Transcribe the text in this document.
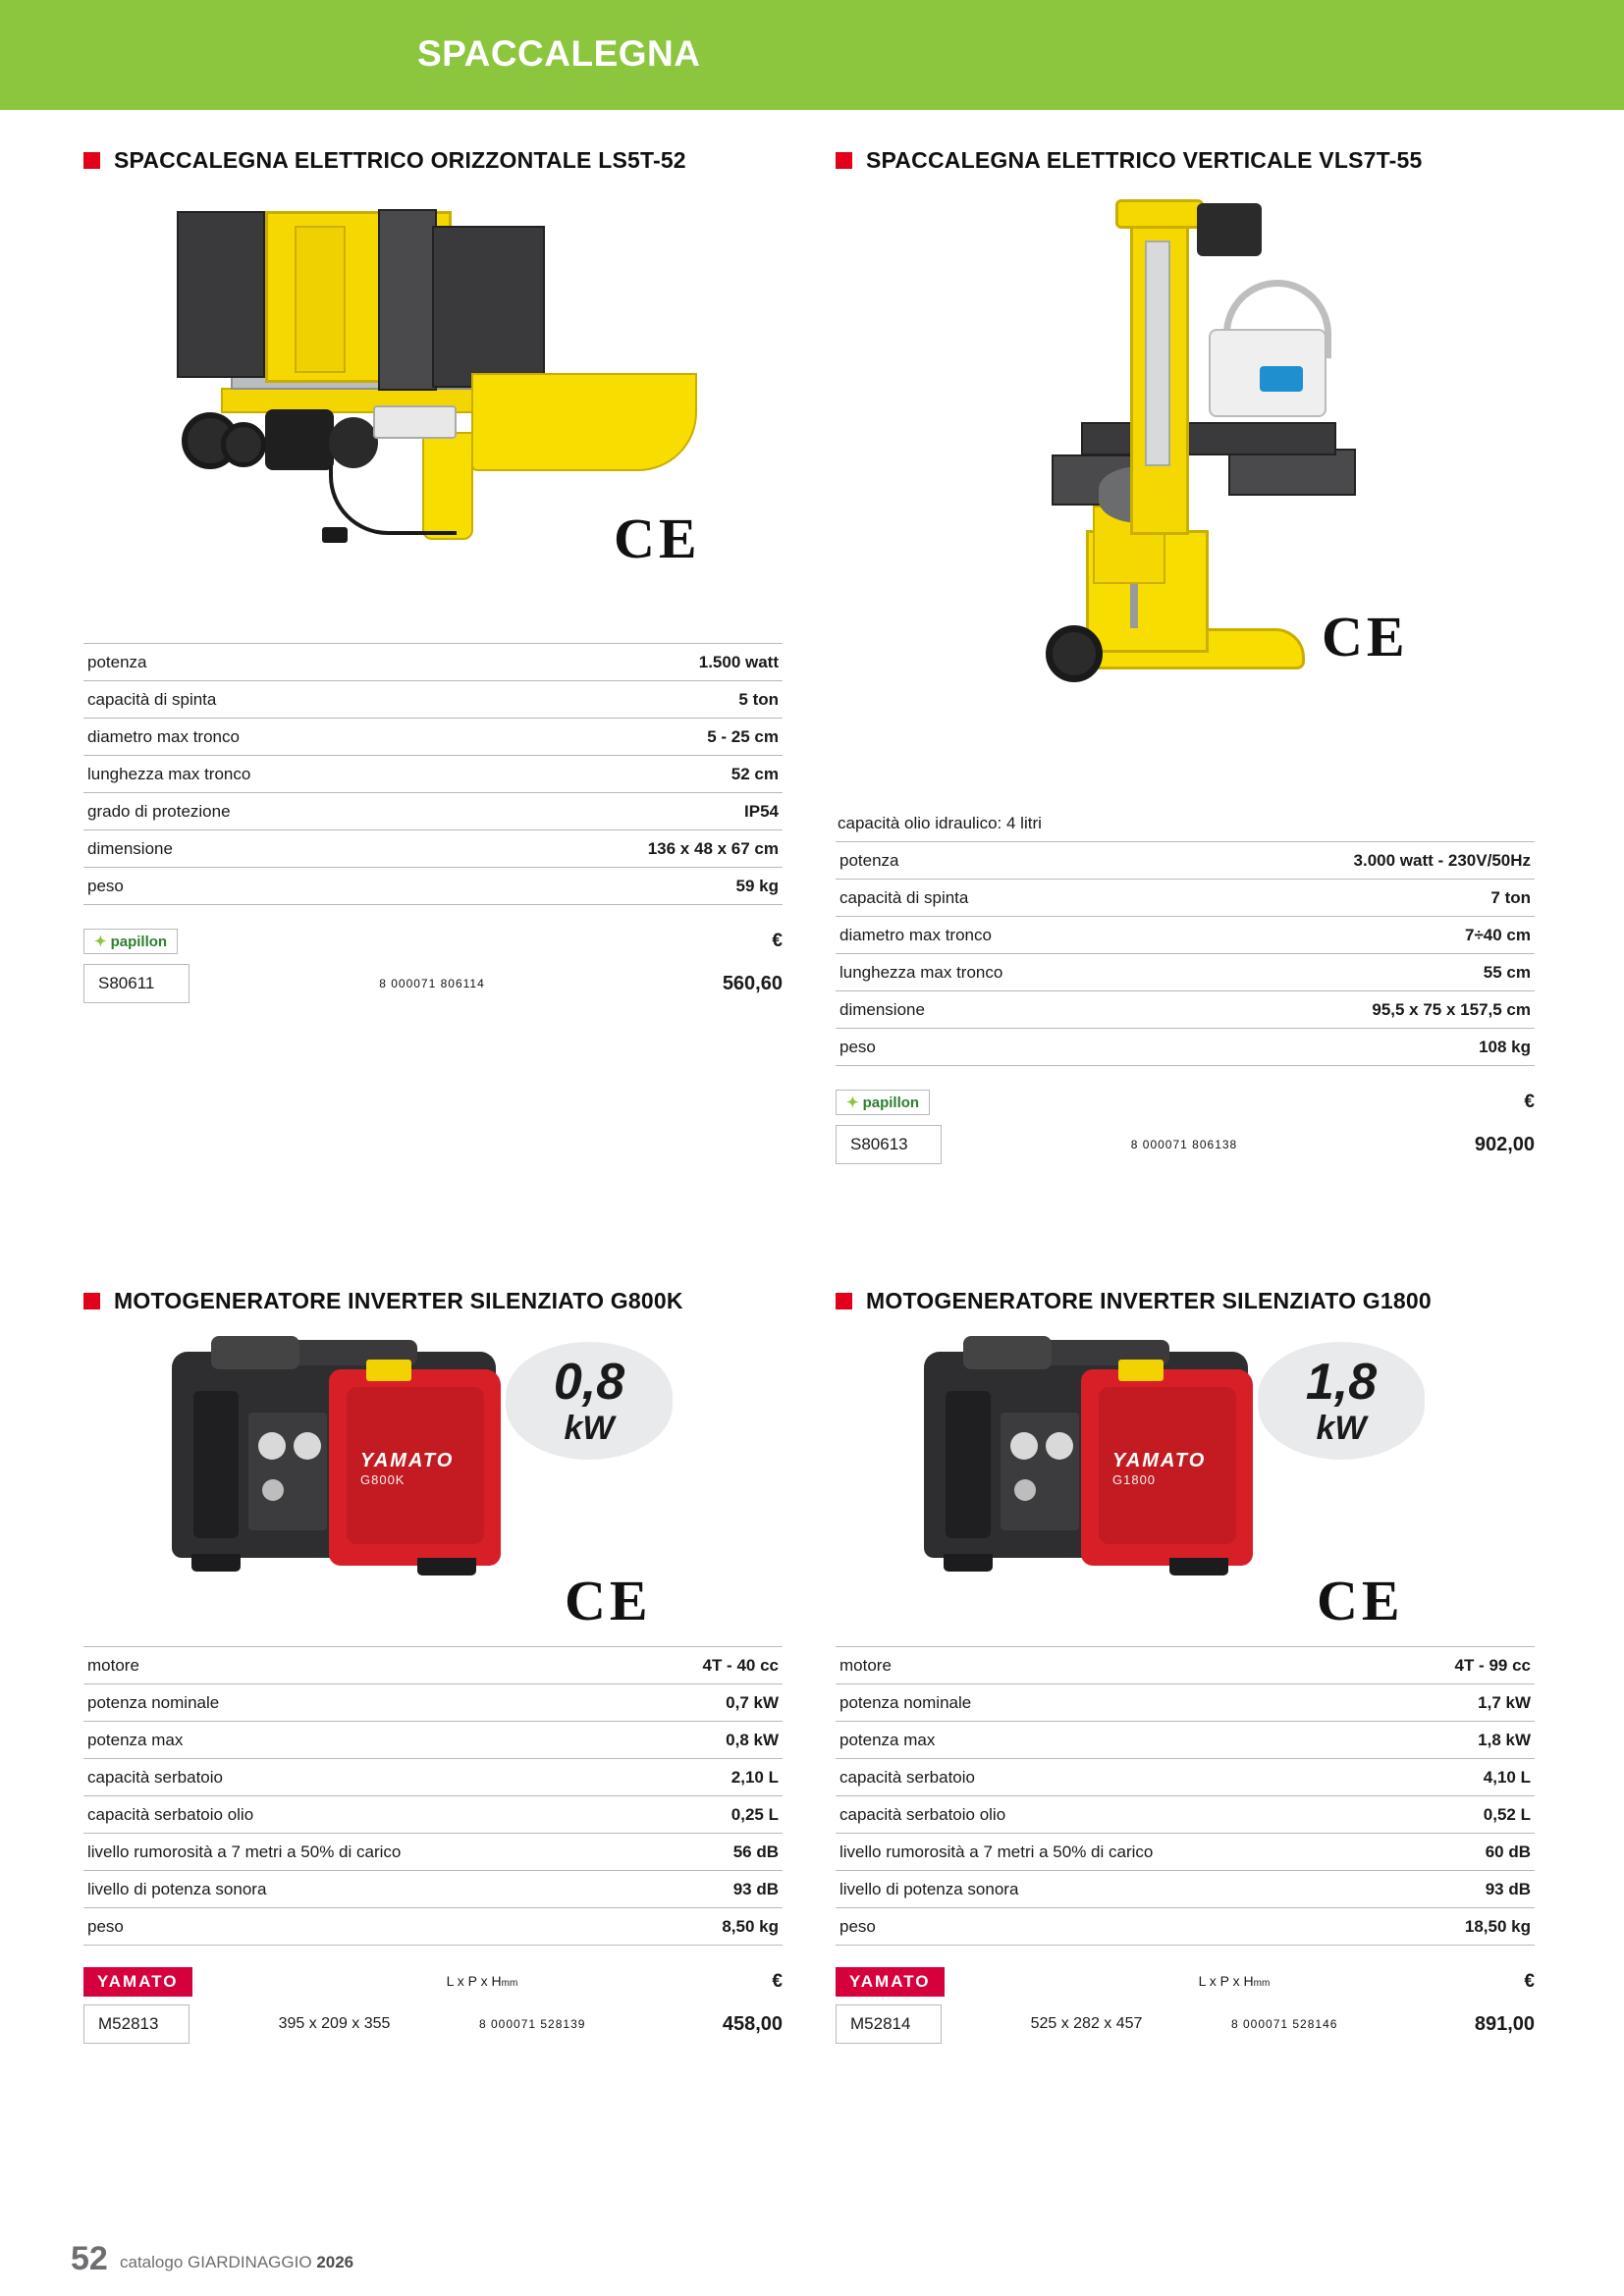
SPACCALEGNA
SPACCALEGNA ELETTRICO ORIZZONTALE LS5T-52
CE
potenza	1.500 watt
capacità di spinta	5 ton
diametro max tronco	5 - 25 cm
lunghezza max tronco	52 cm
grado di protezione	IP54
dimensione	136 x 48 x 67 cm
peso	59 kg
✦ papillon	€
S80611	8 000071 806114	560,60
SPACCALEGNA ELETTRICO VERTICALE VLS7T-55
CE
capacità olio idraulico: 4 litri
potenza	3.000 watt - 230V/50Hz
capacità di spinta	7 ton
diametro max tronco	7÷40 cm
lunghezza max tronco	55 cm
dimensione	95,5 x 75 x 157,5 cm
peso	108 kg
✦ papillon	€
S80613	8 000071 806138	902,00
MOTOGENERATORE INVERTER SILENZIATO G800K
YAMATO
G800K
0,8
kW
CE
motore	4T - 40 cc
potenza nominale	0,7 kW
potenza max	0,8 kW
capacità serbatoio	2,10 L
capacità serbatoio olio	0,25 L
livello rumorosità a 7 metri a 50% di carico	56 dB
livello di potenza sonora	93 dB
peso	8,50 kg
YAMATO	L x P x Hmm	€
M52813	395 x 209 x 355	8 000071 528139	458,00
MOTOGENERATORE INVERTER SILENZIATO G1800
YAMATO
G1800
1,8
kW
CE
motore	4T - 99 cc
potenza nominale	1,7 kW
potenza max	1,8 kW
capacità serbatoio	4,10 L
capacità serbatoio olio	0,52 L
livello rumorosità a 7 metri a 50% di carico	60 dB
livello di potenza sonora	93 dB
peso	18,50 kg
YAMATO	L x P x Hmm	€
M52814	525 x 282 x 457	8 000071 528146	891,00
52 catalogo GIARDINAGGIO 2026
